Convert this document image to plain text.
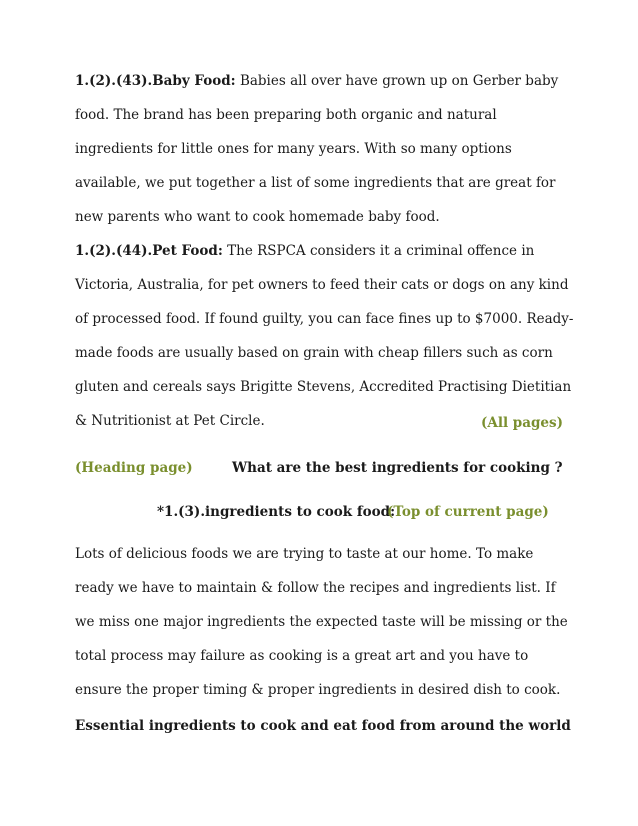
1.(2).(43).Baby Food: Babies all over have grown up on Gerber baby food. The brand has been preparing both organic and natural ingredients for little ones for many years. With so many options available, we put together a list of some ingredients that are great for new parents who want to cook homemade baby food.

1.(2).(44).Pet Food: The RSPCA considers it a criminal offence in Victoria, Australia, for pet owners to feed their cats or dogs on any kind of processed food. If found guilty, you can face fines up to $7000. Ready-made foods are usually based on grain with cheap fillers such as corn gluten and cereals says Brigitte Stevens, Accredited Practising Dietitian & Nutritionist at Pet Circle.	(All pages)
(Heading page)	What are the best ingredients for cooking ?
*1.(3).ingredients to cook food:
(Top of current page)

Lots of delicious foods we are trying to taste at our home. To make ready we have to maintain & follow the recipes and ingredients list. If we miss one major ingredients the expected taste will be missing or the total process may failure as cooking is a great art and you have to ensure the proper timing & proper ingredients in desired dish to cook.

Essential ingredients to cook and eat food from around the world
